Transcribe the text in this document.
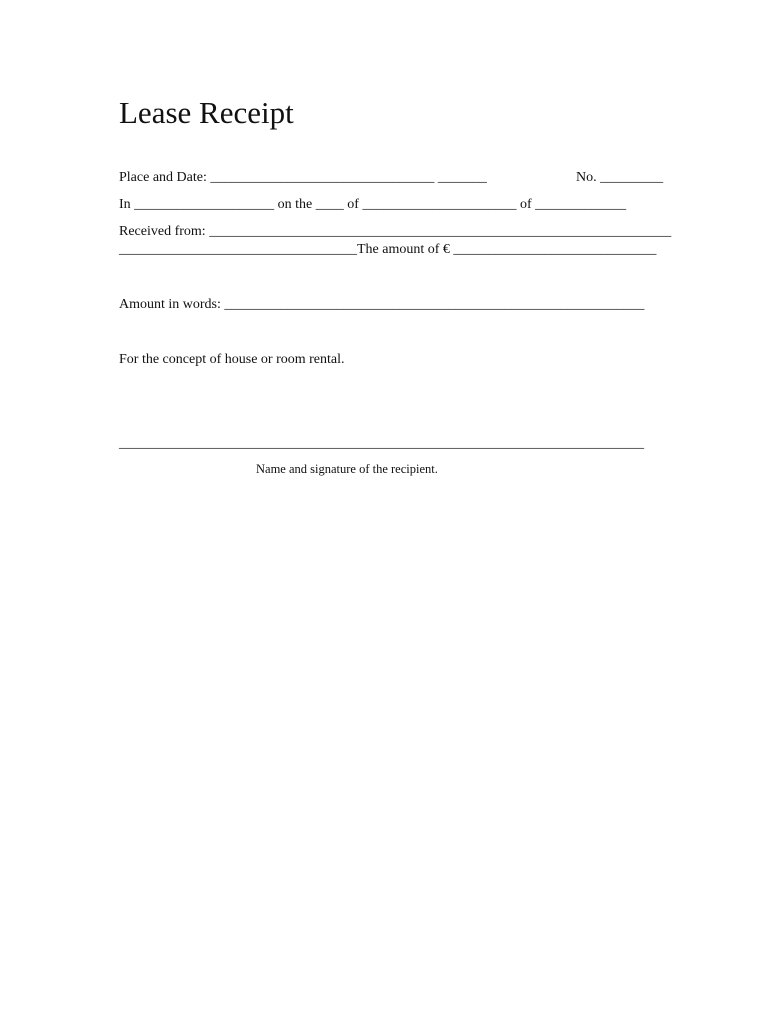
Lease Receipt
Place and Date: ________________________________ _______	No. _________
In ____________________ on the ____ of ______________________ of _____________
Received from: __________________________________________________________________
__________________________________The amount of € _____________________________
Amount in words: ____________________________________________________________
For the concept of house or room rental.
___________________________________________________________________________
Name and signature of the recipient.
